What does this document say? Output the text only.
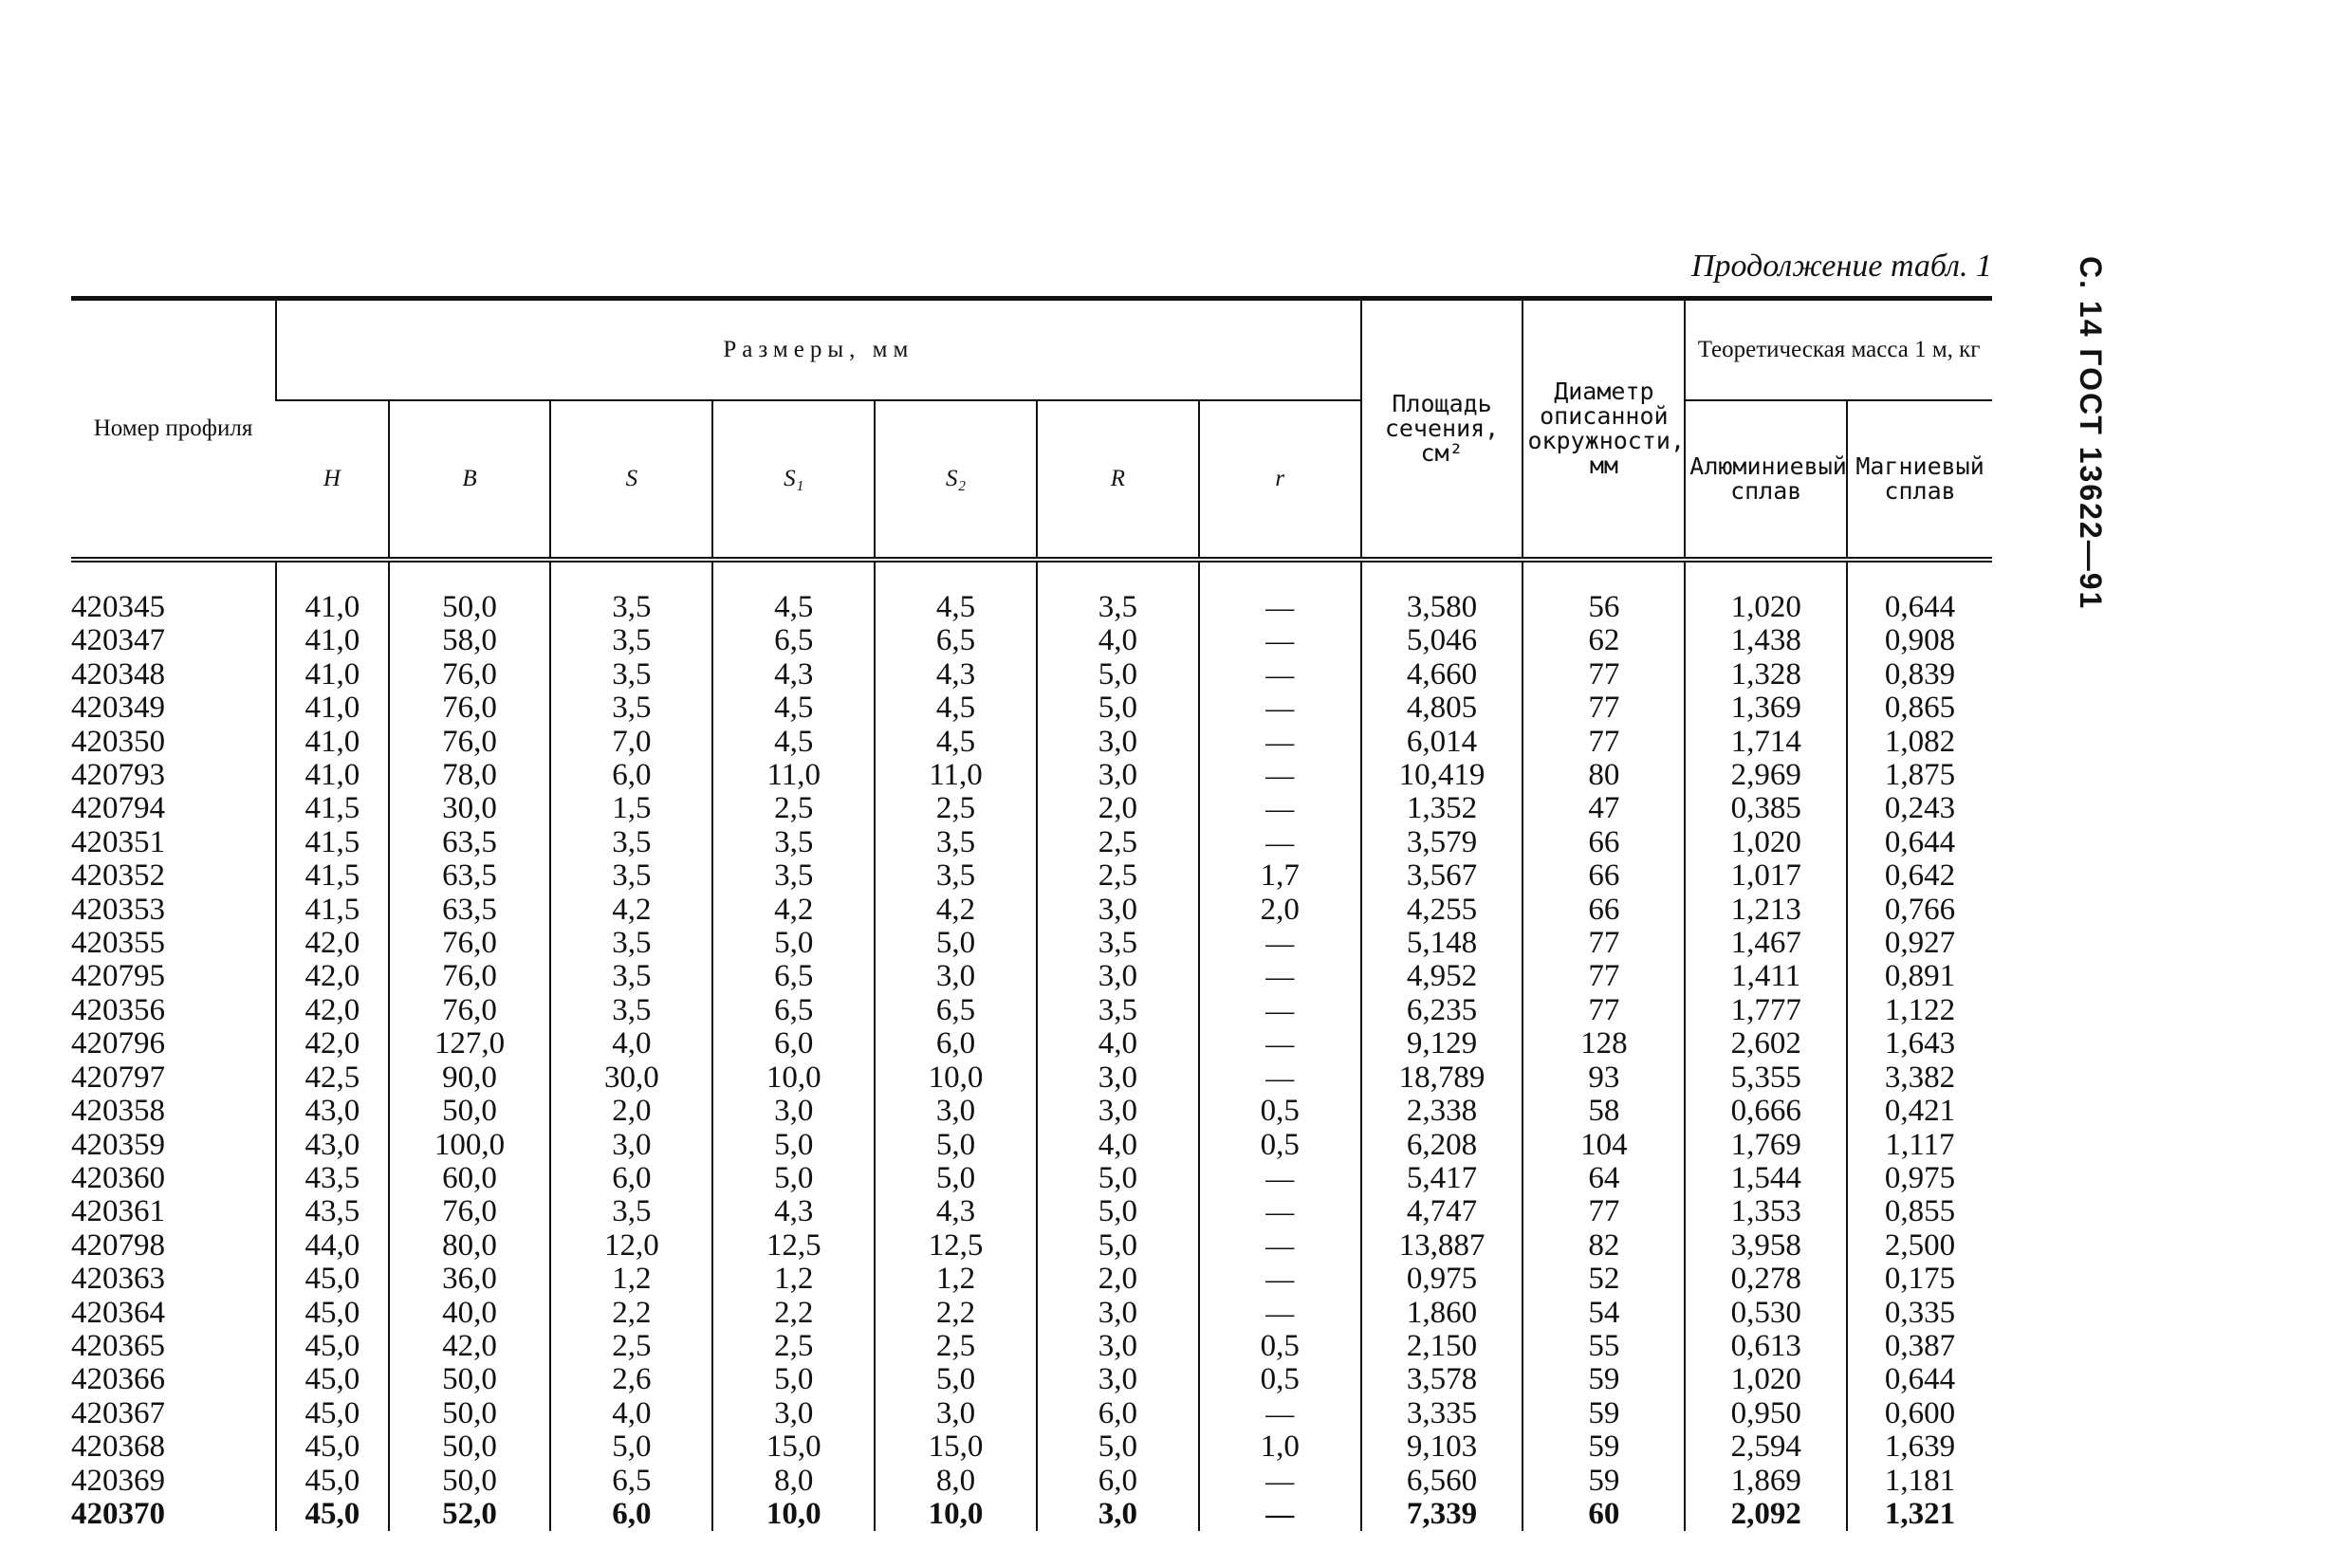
Продолжение табл. 1	С. 14 ГОСТ 13622—91
Номер профиля	Размеры, мм							Площадь сечения, см²	Диаметр описанной окружности, мм	Теоретическая масса 1 м, кг	
	H	B	S	S₁	S₂	R	r			Алюминиевый сплав	Магниевый сплав
420345	41,0	50,0	3,5	4,5	4,5	3,5	—	3,580	56	1,020	0,644
420347	41,0	58,0	3,5	6,5	6,5	4,0	—	5,046	62	1,438	0,908
420348	41,0	76,0	3,5	4,3	4,3	5,0	—	4,660	77	1,328	0,839
420349	41,0	76,0	3,5	4,5	4,5	5,0	—	4,805	77	1,369	0,865
420350	41,0	76,0	7,0	4,5	4,5	3,0	—	6,014	77	1,714	1,082
420793	41,0	78,0	6,0	11,0	11,0	3,0	—	10,419	80	2,969	1,875
420794	41,5	30,0	1,5	2,5	2,5	2,0	—	1,352	47	0,385	0,243
420351	41,5	63,5	3,5	3,5	3,5	2,5	—	3,579	66	1,020	0,644
420352	41,5	63,5	3,5	3,5	3,5	2,5	1,7	3,567	66	1,017	0,642
420353	41,5	63,5	4,2	4,2	4,2	3,0	2,0	4,255	66	1,213	0,766
420355	42,0	76,0	3,5	5,0	5,0	3,5	—	5,148	77	1,467	0,927
420795	42,0	76,0	3,5	6,5	3,0	3,0	—	4,952	77	1,411	0,891
420356	42,0	76,0	3,5	6,5	6,5	3,5	—	6,235	77	1,777	1,122
420796	42,0	127,0	4,0	6,0	6,0	4,0	—	9,129	128	2,602	1,643
420797	42,5	90,0	30,0	10,0	10,0	3,0	—	18,789	93	5,355	3,382
420358	43,0	50,0	2,0	3,0	3,0	3,0	0,5	2,338	58	0,666	0,421
420359	43,0	100,0	3,0	5,0	5,0	4,0	0,5	6,208	104	1,769	1,117
420360	43,5	60,0	6,0	5,0	5,0	5,0	—	5,417	64	1,544	0,975
420361	43,5	76,0	3,5	4,3	4,3	5,0	—	4,747	77	1,353	0,855
420798	44,0	80,0	12,0	12,5	12,5	5,0	—	13,887	82	3,958	2,500
420363	45,0	36,0	1,2	1,2	1,2	2,0	—	0,975	52	0,278	0,175
420364	45,0	40,0	2,2	2,2	2,2	3,0	—	1,860	54	0,530	0,335
420365	45,0	42,0	2,5	2,5	2,5	3,0	0,5	2,150	55	0,613	0,387
420366	45,0	50,0	2,6	5,0	5,0	3,0	0,5	3,578	59	1,020	0,644
420367	45,0	50,0	4,0	3,0	3,0	6,0	—	3,335	59	0,950	0,600
420368	45,0	50,0	5,0	15,0	15,0	5,0	1,0	9,103	59	2,594	1,639
420369	45,0	50,0	6,5	8,0	8,0	6,0	—	6,560	59	1,869	1,181
420370	45,0	52,0	6,0	10,0	10,0	3,0	—	7,339	60	2,092	1,321
